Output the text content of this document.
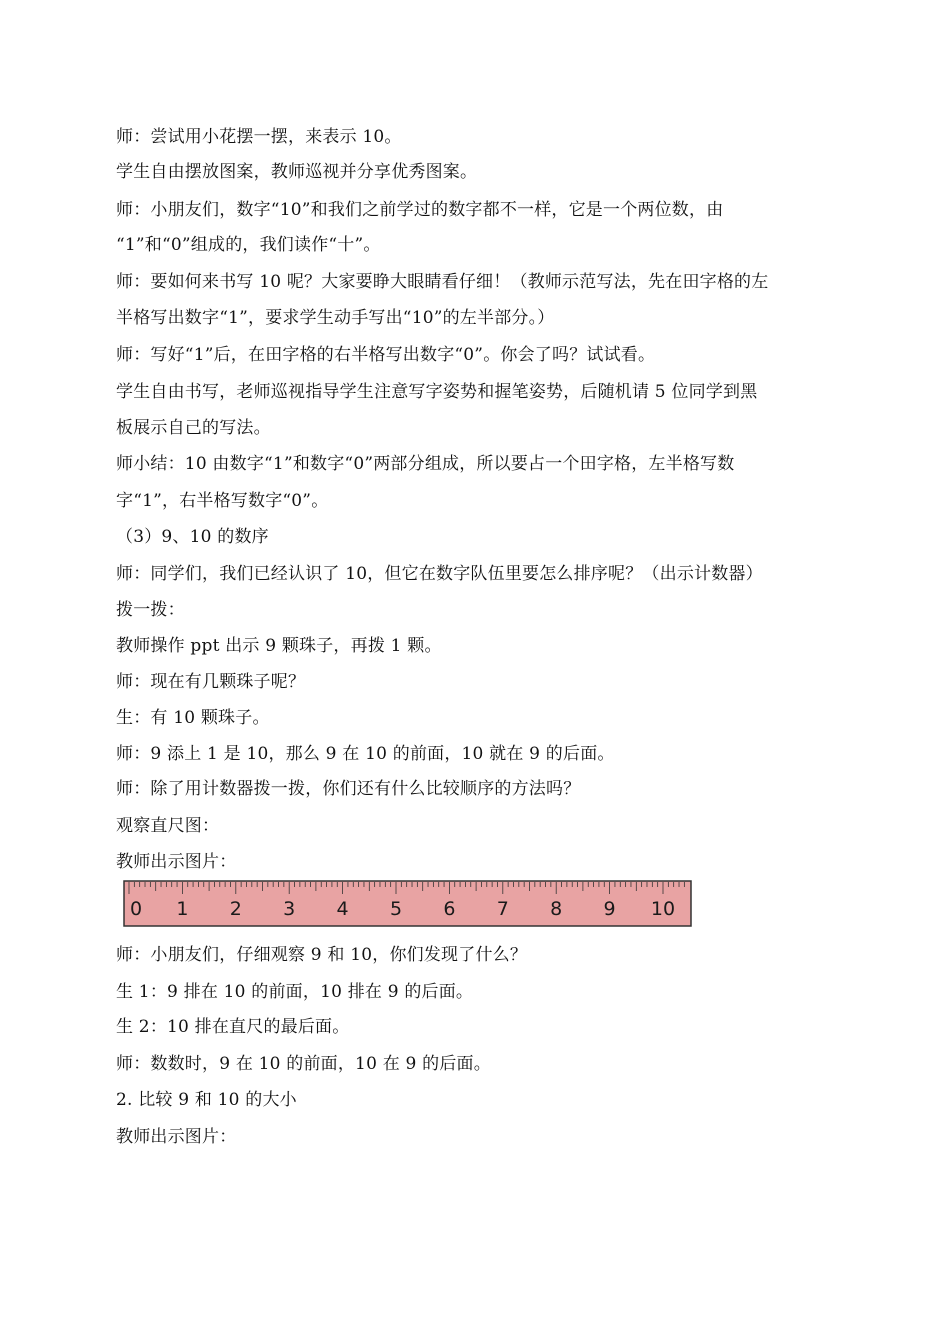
师：尝试用小花摆一摆，来表示 10。
学生自由摆放图案，教师巡视并分享优秀图案。
师：小朋友们，数字“10”和我们之前学过的数字都不一样，它是一个两位数，由
“1”和“0”组成的，我们读作“十”。
师：要如何来书写 10 呢？大家要睁大眼睛看仔细！（教师示范写法，先在田字格的左
半格写出数字“1”，要求学生动手写出“10”的左半部分。）
师：写好“1”后，在田字格的右半格写出数字“0”。你会了吗？试试看。
学生自由书写，老师巡视指导学生注意写字姿势和握笔姿势，后随机请 5 位同学到黑
板展示自己的写法。
师小结：10 由数字“1”和数字“0”两部分组成，所以要占一个田字格，左半格写数
字“1”，右半格写数字“0”。
（3）9、10 的数序
师：同学们，我们已经认识了 10，但它在数字队伍里要怎么排序呢？（出示计数器）
拨一拨：
教师操作 ppt 出示 9 颗珠子，再拨 1 颗。
师：现在有几颗珠子呢？
生：有 10 颗珠子。
师：9 添上 1 是 10，那么 9 在 10 的前面，10 就在 9 的后面。
师：除了用计数器拨一拨，你们还有什么比较顺序的方法吗？
观察直尺图：
教师出示图片：
0 1 2 3 4 5 6 7 8 9 10
师：小朋友们，仔细观察 9 和 10，你们发现了什么？
生 1：9 排在 10 的前面，10 排在 9 的后面。
生 2：10 排在直尺的最后面。
师：数数时，9 在 10 的前面，10 在 9 的后面。
2. 比较 9 和 10 的大小
教师出示图片：
